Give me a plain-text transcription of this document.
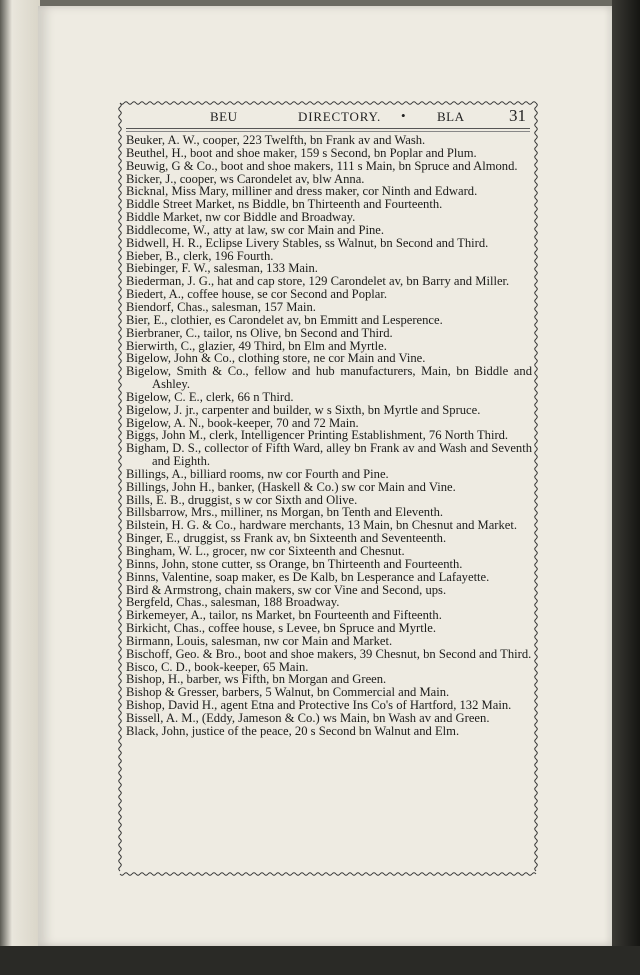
BEU	DIRECTORY. • BLA	31
Beuker, A. W., cooper, 223 Twelfth, bn Frank av and Wash.
Beuthel, H., boot and shoe maker, 159 s Second, bn Poplar and Plum.
Beuwig, G & Co., boot and shoe makers, 111 s Main, bn Spruce and Almond.
Bicker, J., cooper, ws Carondelet av, blw Anna.
Bicknal, Miss Mary, milliner and dress maker, cor Ninth and Edward.
Biddle Street Market, ns Biddle, bn Thirteenth and Fourteenth.
Biddle Market, nw cor Biddle and Broadway.
Biddlecome, W., atty at law, sw cor Main and Pine.
Bidwell, H. R., Eclipse Livery Stables, ss Walnut, bn Second and Third.
Bieber, B., clerk, 196 Fourth.
Biebinger, F. W., salesman, 133 Main.
Biederman, J. G., hat and cap store, 129 Carondelet av, bn Barry and Miller.
Biedert, A., coffee house, se cor Second and Poplar.
Biendorf, Chas., salesman, 157 Main.
Bier, E., clothier, es Carondelet av, bn Emmitt and Lesperence.
Bierbraner, C., tailor, ns Olive, bn Second and Third.
Bierwirth, C., glazier, 49 Third, bn Elm and Myrtle.
Bigelow, John & Co., clothing store, ne cor Main and Vine.
Bigelow, Smith & Co., fellow and hub manufacturers, Main, bn Biddle and Ashley.
Bigelow, C. E., clerk, 66 n Third.
Bigelow, J. jr., carpenter and builder, w s Sixth, bn Myrtle and Spruce.
Bigelow, A. N., book-keeper, 70 and 72 Main.
Biggs, John M., clerk, Intelligencer Printing Establishment, 76 North Third.
Bigham, D. S., collector of Fifth Ward, alley bn Frank av and Wash and Seventh and Eighth.
Billings, A., billiard rooms, nw cor Fourth and Pine.
Billings, John H., banker, (Haskell & Co.) sw cor Main and Vine.
Bills, E. B., druggist, s w cor Sixth and Olive.
Billsbarrow, Mrs., milliner, ns Morgan, bn Tenth and Eleventh.
Bilstein, H. G. & Co., hardware merchants, 13 Main, bn Chesnut and Market.
Binger, E., druggist, ss Frank av, bn Sixteenth and Seventeenth.
Bingham, W. L., grocer, nw cor Sixteenth and Chesnut.
Binns, John, stone cutter, ss Orange, bn Thirteenth and Fourteenth.
Binns, Valentine, soap maker, es De Kalb, bn Lesperance and Lafayette.
Bird & Armstrong, chain makers, sw cor Vine and Second, ups.
Bergfeld, Chas., salesman, 188 Broadway.
Birkemeyer, A., tailor, ns Market, bn Fourteenth and Fifteenth.
Birkicht, Chas., coffee house, s Levee, bn Spruce and Myrtle.
Birmann, Louis, salesman, nw cor Main and Market.
Bischoff, Geo. & Bro., boot and shoe makers, 39 Chesnut, bn Second and Third.
Bisco, C. D., book-keeper, 65 Main.
Bishop, H., barber, ws Fifth, bn Morgan and Green.
Bishop & Gresser, barbers, 5 Walnut, bn Commercial and Main.
Bishop, David H., agent Etna and Protective Ins Co's of Hartford, 132 Main.
Bissell, A. M., (Eddy, Jameson & Co.) ws Main, bn Wash av and Green.
Black, John, justice of the peace, 20 s Second bn Walnut and Elm.
